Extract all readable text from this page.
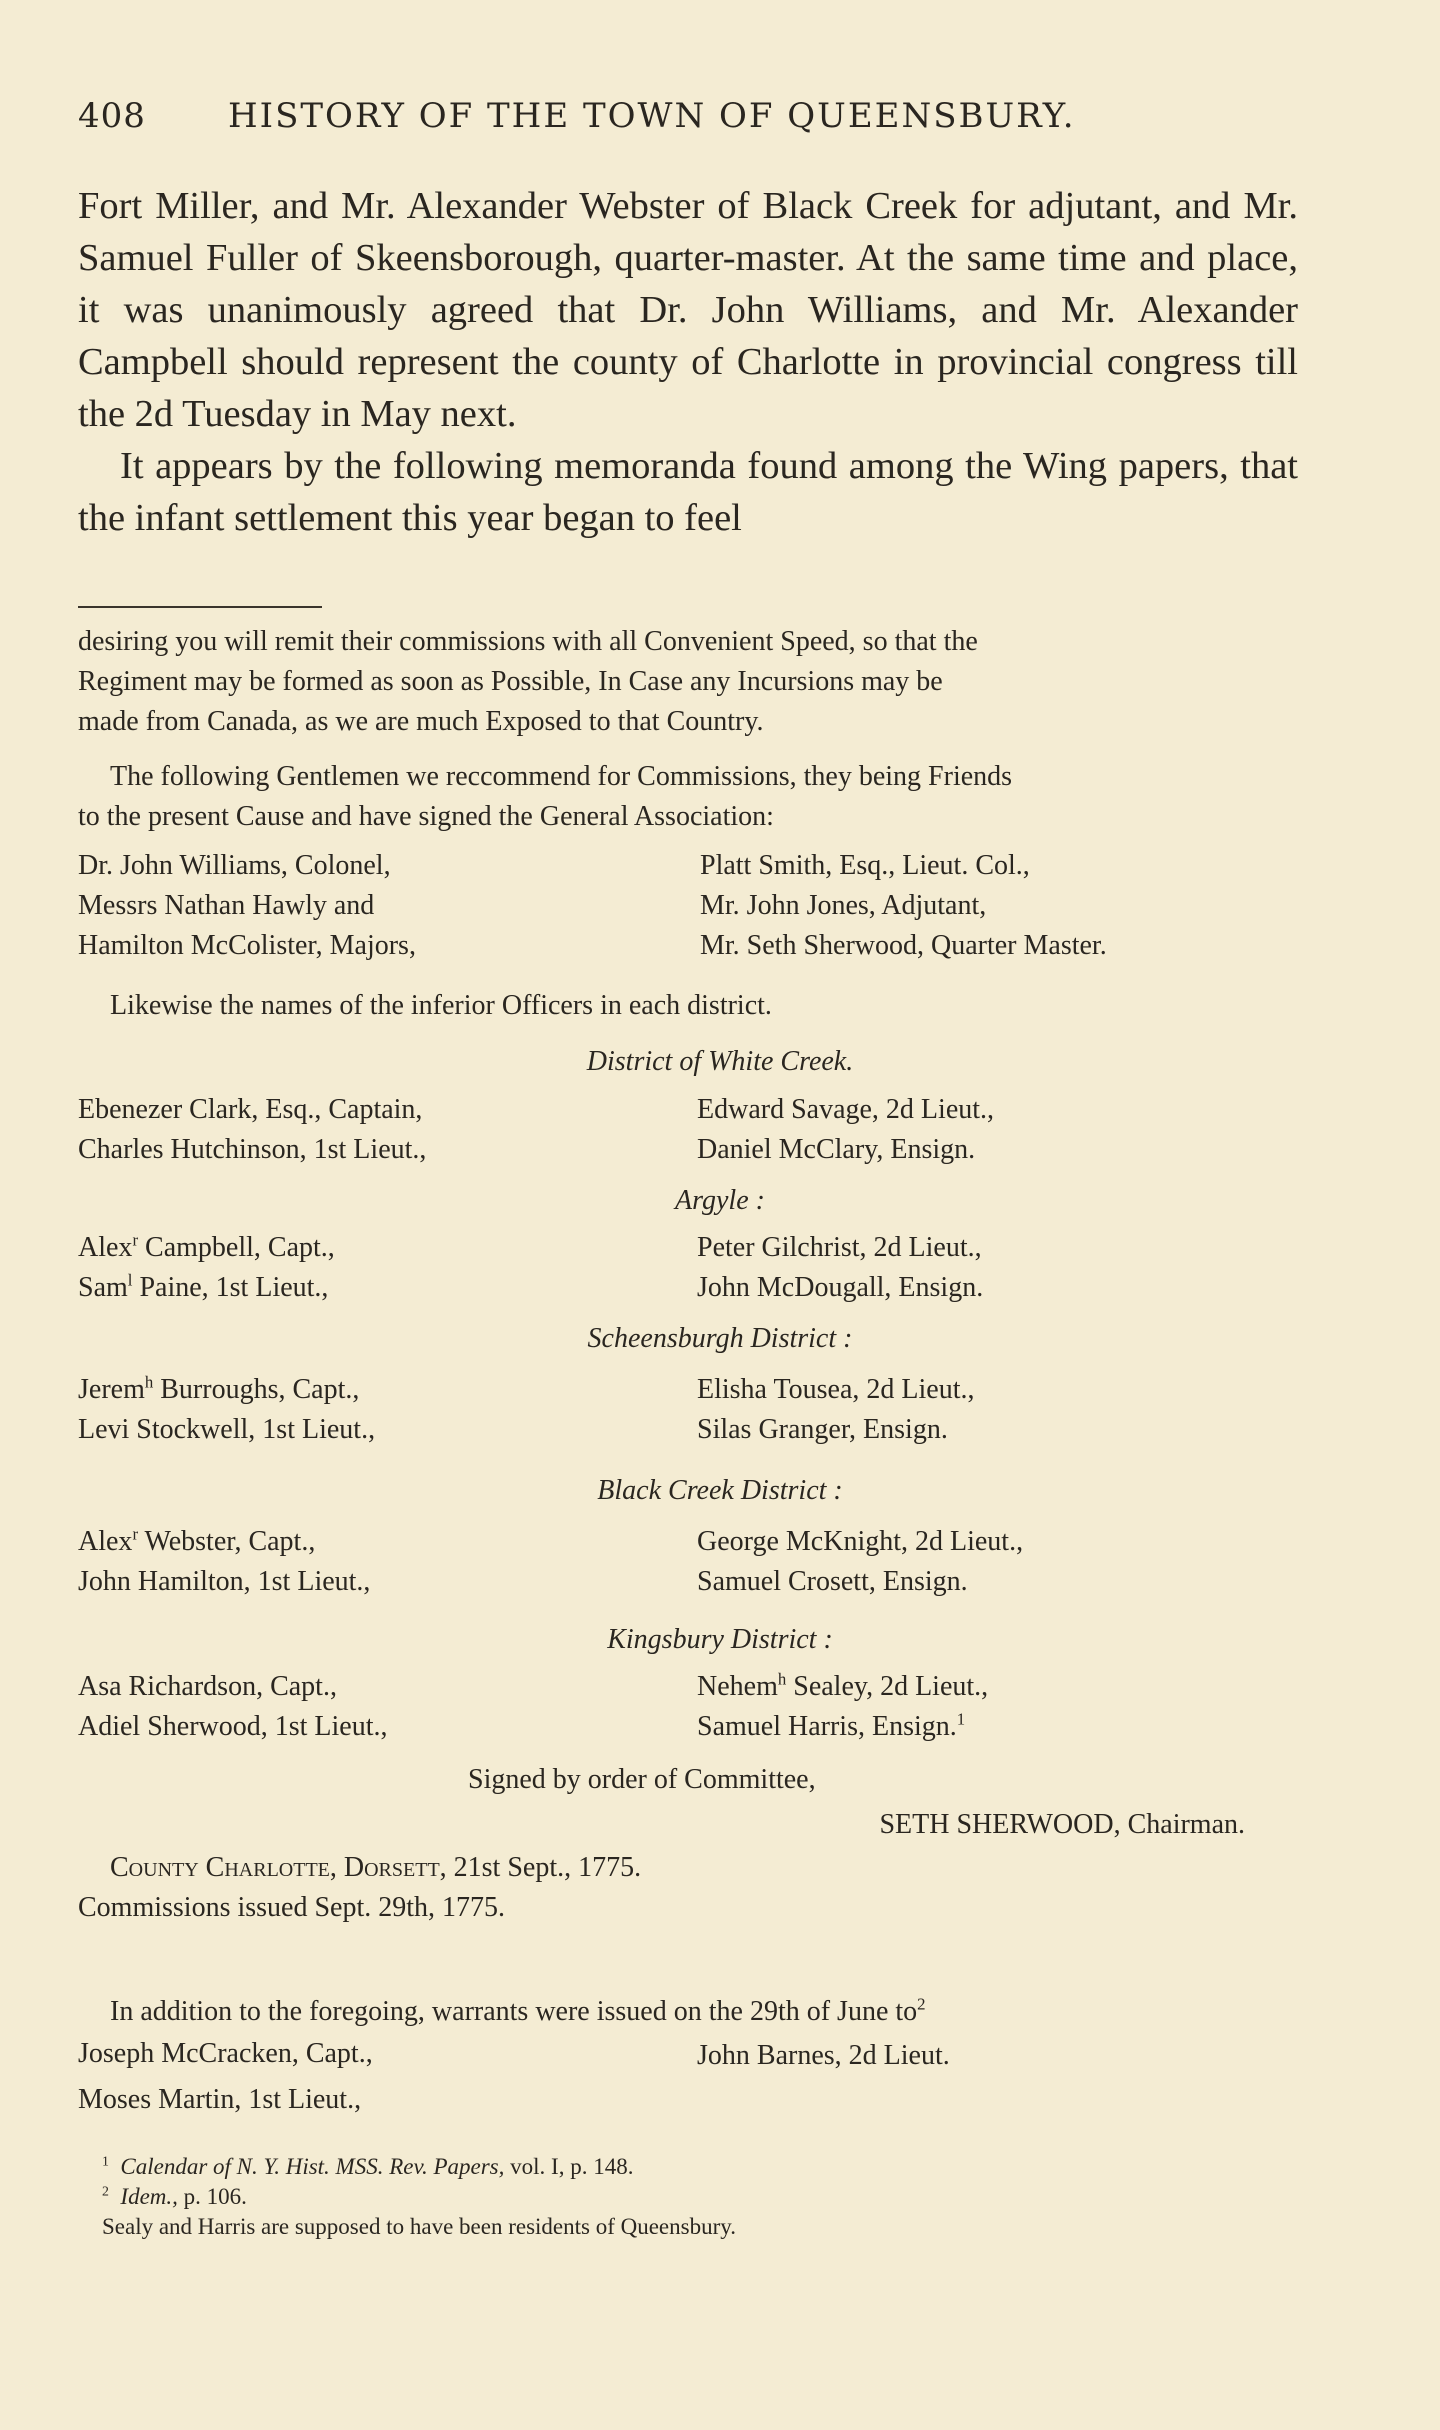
408 HISTORY OF THE TOWN OF QUEENSBURY.

Fort Miller, and Mr. Alexander Webster of Black Creek for adjutant, and Mr. Samuel Fuller of Skeensborough, quarter-master. At the same time and place, it was unanimously agreed that Dr. John Williams, and Mr. Alexander Campbell should represent the county of Charlotte in provincial congress till the 2d Tuesday in May next.

It appears by the following memoranda found among the Wing papers, that the infant settlement this year began to feel

desiring you will remit their commissions with all Convenient Speed, so that the
Regiment may be formed as soon as Possible, In Case any Incursions may be
made from Canada, as we are much Exposed to that Country.
The following Gentlemen we reccommend for Commissions, they being Friends
to the present Cause and have signed the General Association:
Dr. John Williams, Colonel,
Messrs Nathan Hawly and
Hamilton McColister, Majors,
Platt Smith, Esq., Lieut. Col.,
Mr. John Jones, Adjutant,
Mr. Seth Sherwood, Quarter Master.
Likewise the names of the inferior Officers in each district.
District of White Creek.
Ebenezer Clark, Esq., Captain,
Charles Hutchinson, 1st Lieut.,
Edward Savage, 2d Lieut.,
Daniel McClary, Ensign.
Argyle :
Alex$^r$ Campbell, Capt.,
Sam$^l$ Paine, 1st Lieut.,
Peter Gilchrist, 2d Lieut.,
John McDougall, Ensign.
Scheensburgh District :
Jerem$^h$ Burroughs, Capt.,
Levi Stockwell, 1st Lieut.,
Elisha Tousea, 2d Lieut.,
Silas Granger, Ensign.
Black Creek District :
Alex$^r$ Webster, Capt.,
John Hamilton, 1st Lieut.,
George McKnight, 2d Lieut.,
Samuel Crosett, Ensign.
Kingsbury District :
Asa Richardson, Capt.,
Adiel Sherwood, 1st Lieut.,
Nehem$^h$ Sealey, 2d Lieut.,
Samuel Harris, Ensign.$^1$
Signed by order of Committee,
SETH SHERWOOD, Chairman.
County Charlotte, Dorsett, 21st Sept., 1775.
Commissions issued Sept. 29th, 1775.
In addition to the foregoing, warrants were issued on the 29th of June $to^2$
Joseph McCracken, Capt.,
Moses Martin, 1st Lieut.,
John Barnes, 2d Lieut.
$^1$ Calendar of N. Y. Hist. MSS. Rev. Papers, vol. I, p. 148.
$^2$ Idem., p. 106.
Sealy and Harris are supposed to have been residents of Queensbury.
